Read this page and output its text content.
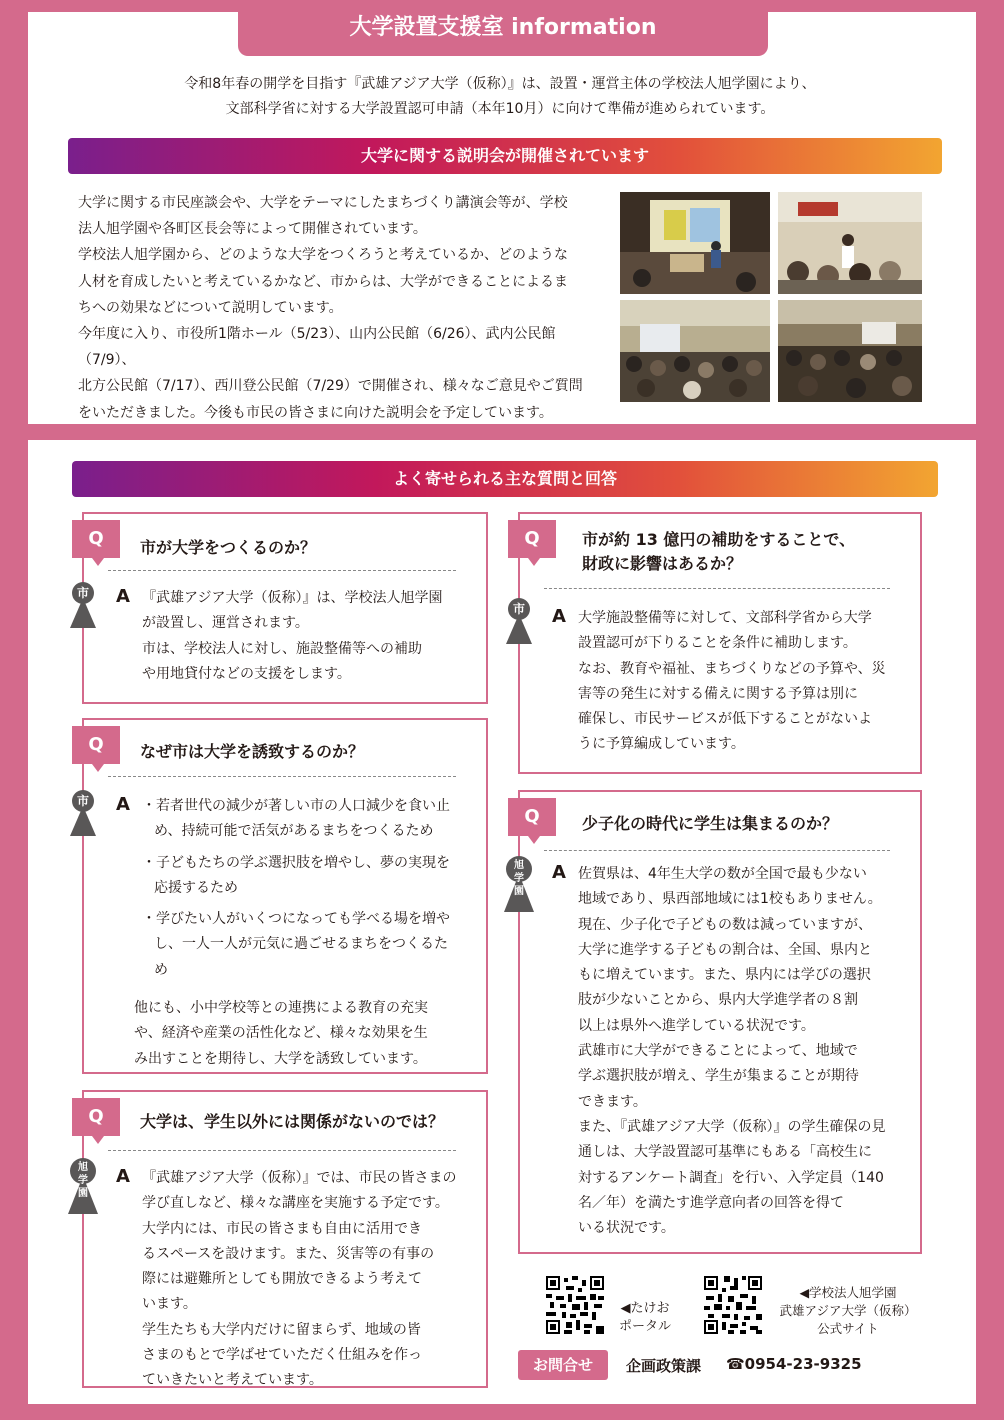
大学設置支援室 information
令和8年春の開学を目指す『武雄アジア大学（仮称）』は、設置・運営主体の学校法人旭学園により、
文部科学省に対する大学設置認可申請（本年10月）に向けて準備が進められています。
大学に関する説明会が開催されています
大学に関する市民座談会や、大学をテーマにしたまちづくり講演会等が、学校
法人旭学園や各町区長会等によって開催されています。
学校法人旭学園から、どのような大学をつくろうと考えているか、どのような
人材を育成したいと考えているかなど、市からは、大学ができることによるま
ちへの効果などについて説明しています。
今年度に入り、市役所1階ホール（5/23）、山内公民館（6/26）、武内公民館（7/9）、
北方公民館（7/17）、西川登公民館（7/29）で開催され、様々なご意見やご質問
をいただきました。今後も市民の皆さまに向けた説明会を予定しています。
よく寄せられる主な質問と回答
Q	市が大学をつくるのか？
市 A 『武雄アジア大学（仮称）』は、学校法人旭学園

が設置し、運営されます。

市は、学校法人に対し、施設整備等への補助

や用地貸付などの支援をします。

Q	なぜ市は大学を誘致するのか？
市 A ・若者世代の減少が著しい市の人口減少を食い止め、持続可能で活気があるまちをつくるため

・子どもたちの学ぶ選択肢を増やし、夢の実現を応援するため

・学びたい人がいくつになっても学べる場を増やし、一人一人が元気に過ごせるまちをつくるため

他にも、小中学校等との連携による教育の充実

や、経済や産業の活性化など、様々な効果を生

み出すことを期待し、大学を誘致しています。

Q	大学は、学生以外には関係がないのでは？
旭
学
園
A 『武雄アジア大学（仮称）』では、市民の皆さまの

学び直しなど、様々な講座を実施する予定です。

大学内には、市民の皆さまも自由に活用でき

るスペースを設けます。また、災害等の有事の

際には避難所としても開放できるよう考えて

います。

学生たちも大学内だけに留まらず、地域の皆

さまのもとで学ばせていただく仕組みを作っ

ていきたいと考えています。

Q	市が約 13 億円の補助をすることで、
財政に影響はあるか？
市 A 大学施設整備等に対して、文部科学省から大学

設置認可が下りることを条件に補助します。

なお、教育や福祉、まちづくりなどの予算や、災

害等の発生に対する備えに関する予算は別に

確保し、市民サービスが低下することがないよ

うに予算編成しています。

Q	少子化の時代に学生は集まるのか？
旭
学
園
A 佐賀県は、4年生大学の数が全国で最も少ない

地域であり、県西部地域には1校もありません。

現在、少子化で子どもの数は減っていますが、

大学に進学する子どもの割合は、全国、県内と

もに増えています。また、県内には学びの選択

肢が少ないことから、県内大学進学者の８割

以上は県外へ進学している状況です。

武雄市に大学ができることによって、地域で

学ぶ選択肢が増え、学生が集まることが期待

できます。

また、『武雄アジア大学（仮称）』の学生確保の見

通しは、大学設置認可基準にもある「高校生に

対するアンケート調査」を行い、入学定員（140

名／年）を満たす進学意向者の回答を得て

いる状況です。

◀たけお
ポータル
◀学校法人旭学園
武雄アジア大学（仮称）
公式サイト
お問合せ	企画政策課 ☎0954-23-9325
